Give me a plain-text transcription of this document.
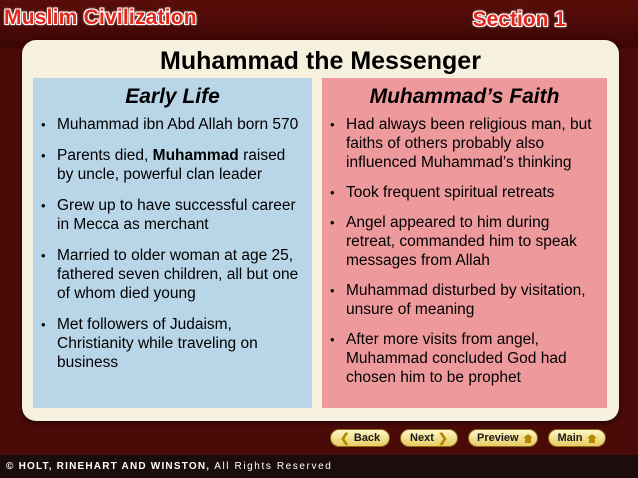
Muslim Civilization	Section 1
Muhammad the Messenger
Early Life
• Muhammad ibn Abd Allah born 570
• Parents died, Muhammad raised by uncle, powerful clan leader
• Grew up to have successful career in Mecca as merchant
• Married to older woman at age 25, fathered seven children, all but one of whom died young
• Met followers of Judaism, Christianity while traveling on business
Muhammad’s Faith
• Had always been religious man, but faiths of others probably also influenced Muhammad’s thinking
• Took frequent spiritual retreats
• Angel appeared to him during retreat, commanded him to speak messages from Allah
• Muhammad disturbed by visitation, unsure of meaning
• After more visits from angel, Muhammad concluded God had chosen him to be prophet
❮ Back	Next ❯	Preview	Main
© HOLT, RINEHART AND WINSTON, All Rights Reserved
